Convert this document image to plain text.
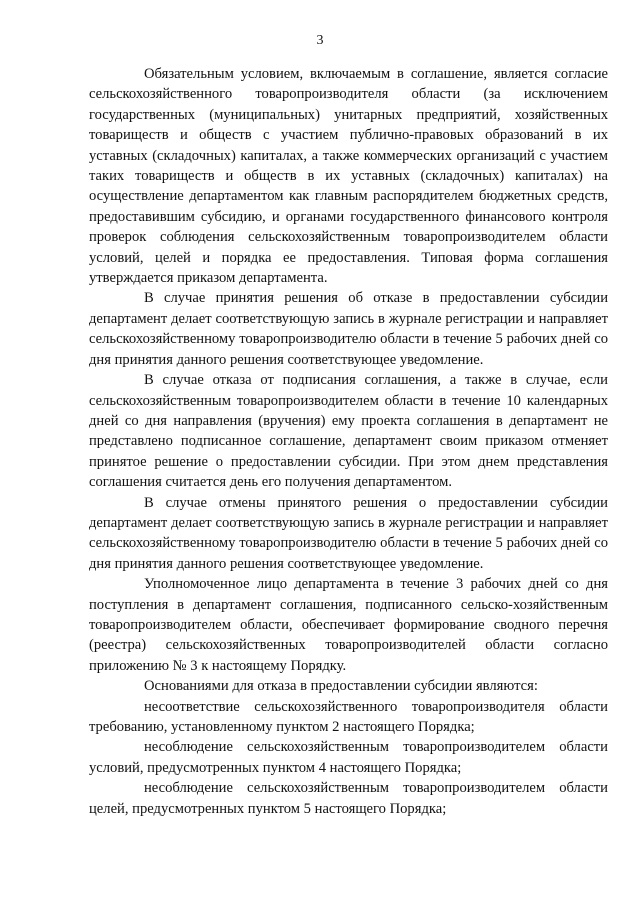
3

Обязательным условием, включаемым в соглашение, является согласие сельскохозяйственного товаропроизводителя области (за исключением государственных (муниципальных) унитарных предприятий, хозяйственных товариществ и обществ с участием публично-правовых образований в их уставных (складочных) капиталах, а также коммерческих организаций с участием таких товариществ и обществ в их уставных (складочных) капиталах) на осуществление департаментом как главным распорядителем бюджетных средств, предоставившим субсидию, и органами государственного финансового контроля проверок соблюдения сельскохозяйственным товаропроизводителем области условий, целей и порядка ее предоставления. Типовая форма соглашения утверждается приказом департамента.

В случае принятия решения об отказе в предоставлении субсидии департамент делает соответствующую запись в журнале регистрации и направляет сельскохозяйственному товаропроизводителю области в течение 5 рабочих дней со дня принятия данного решения соответствующее уведомление.

В случае отказа от подписания соглашения, а также в случае, если сельскохозяйственным товаропроизводителем области в течение 10 календарных дней со дня направления (вручения) ему проекта соглашения в департамент не представлено подписанное соглашение, департамент своим приказом отменяет принятое решение о предоставлении субсидии. При этом днем представления соглашения считается день его получения департаментом.

В случае отмены принятого решения о предоставлении субсидии департамент делает соответствующую запись в журнале регистрации и направляет сельскохозяйственному товаропроизводителю области в течение 5 рабочих дней со дня принятия данного решения соответствующее уведомление.

Уполномоченное лицо департамента в течение 3 рабочих дней со дня поступления в департамент соглашения, подписанного сельско-хозяйственным товаропроизводителем области, обеспечивает формирование сводного перечня (реестра) сельскохозяйственных товаропроизводителей области согласно приложению № 3 к настоящему Порядку.

Основаниями для отказа в предоставлении субсидии являются:

несоответствие сельскохозяйственного товаропроизводителя области требованию, установленному пунктом 2 настоящего Порядка;

несоблюдение сельскохозяйственным товаропроизводителем области условий, предусмотренных пунктом 4 настоящего Порядка;

несоблюдение сельскохозяйственным товаропроизводителем области целей, предусмотренных пунктом 5 настоящего Порядка;
